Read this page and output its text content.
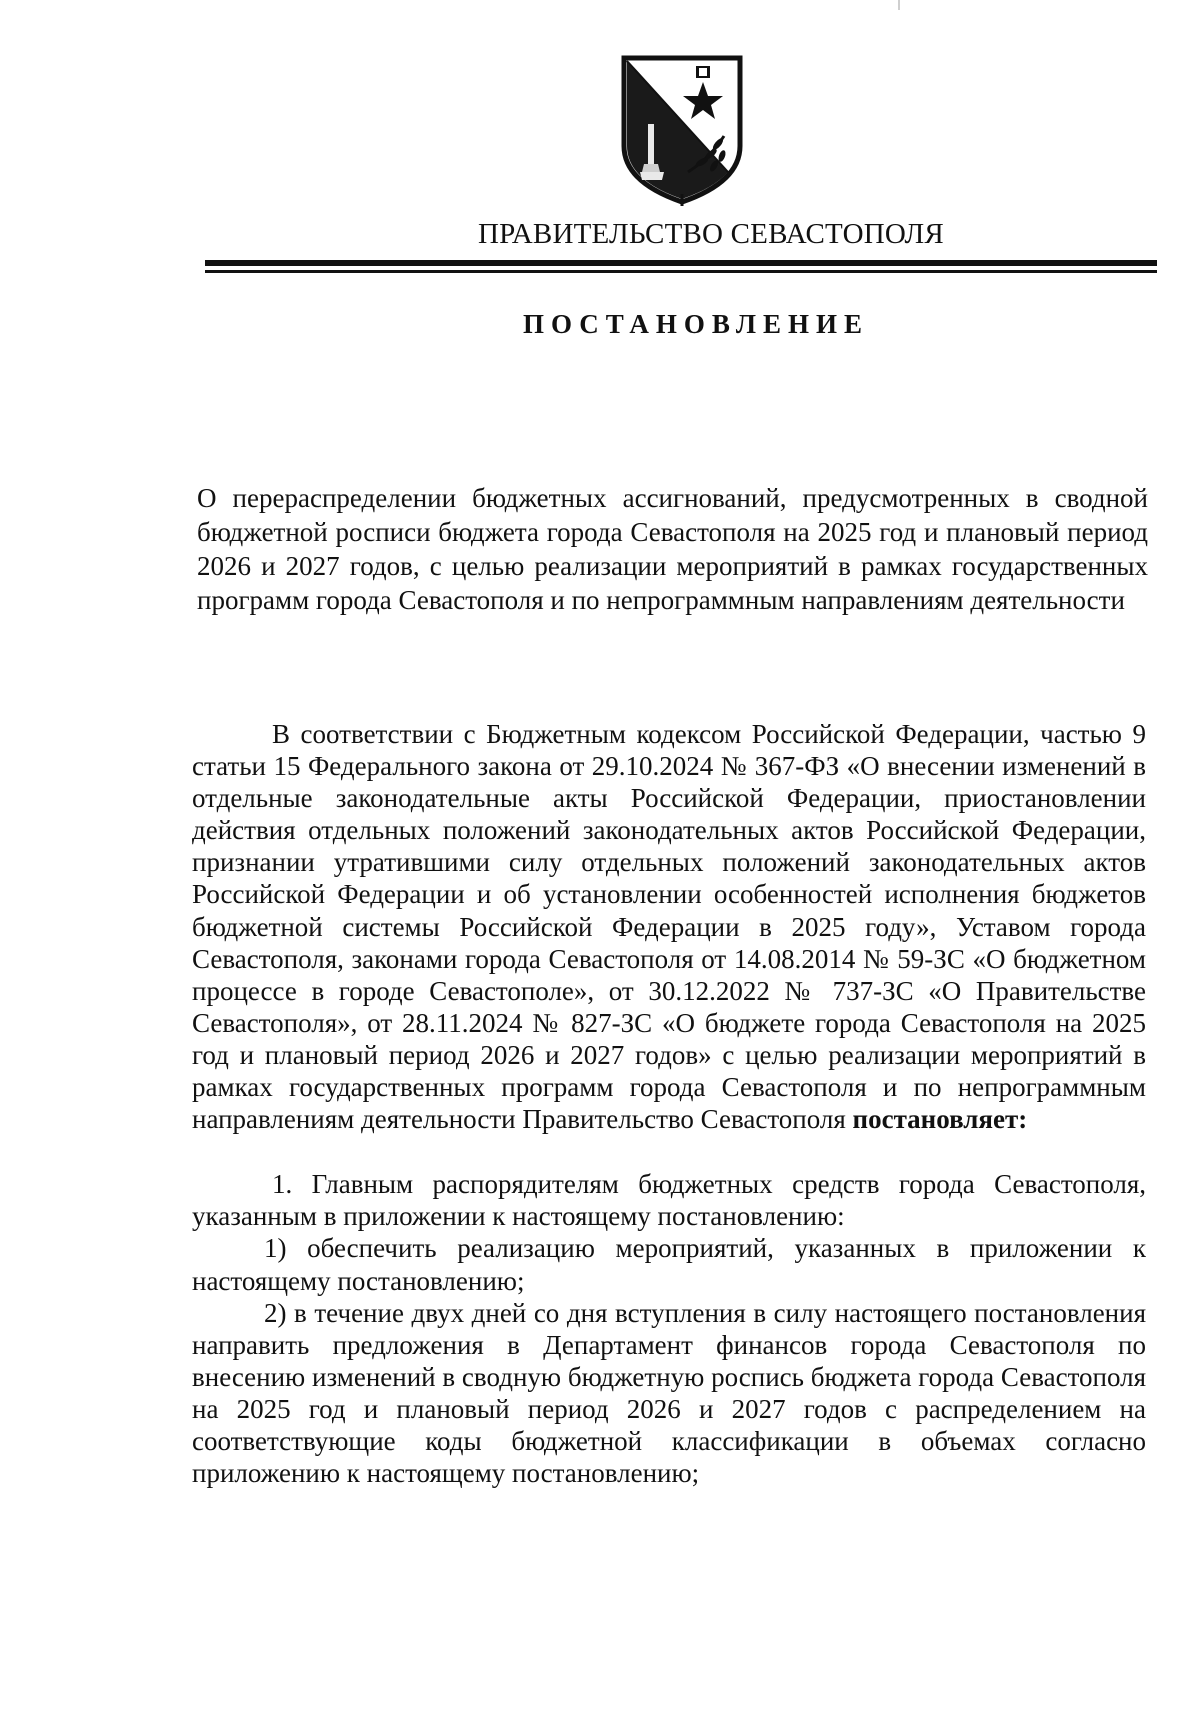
ПРАВИТЕЛЬСТВО СЕВАСТОПОЛЯ
ПОСТАНОВЛЕНИЕ
О перераспределении бюджетных ассигнований, предусмотренных в сводной бюджетной росписи бюджета города Севастополя на 2025 год и плановый период 2026 и 2027 годов, с целью реализации мероприятий в рамках государственных программ города Севастополя и по непрограммным направлениям деятельности

В соответствии с Бюджетным кодексом Российской Федерации, частью 9 статьи 15 Федерального закона от 29.10.2024 № 367-ФЗ «О внесении изменений в отдельные законодательные акты Российской Федерации, приостановлении действия отдельных положений законодательных актов Российской Федерации, признании утратившими силу отдельных положений законодательных актов Российской Федерации и об установлении особенностей исполнения бюджетов бюджетной системы Российской Федерации в 2025 году», Уставом города Севастополя, законами города Севастополя от 14.08.2014 № 59-ЗС «О бюджетном процессе в городе Севастополе», от 30.12.2022 № 737-ЗС «О Правительстве Севастополя», от 28.11.2024 № 827-ЗС «О бюджете города Севастополя на 2025 год и плановый период 2026 и 2027 годов» с целью реализации мероприятий в рамках государственных программ города Севастополя и по непрограммным направлениям деятельности Правительство Севастополя постановляет:

1. Главным распорядителям бюджетных средств города Севастополя, указанным в приложении к настоящему постановлению:

1) обеспечить реализацию мероприятий, указанных в приложении к настоящему постановлению;

2) в течение двух дней со дня вступления в силу настоящего постановления направить предложения в Департамент финансов города Севастополя по внесению изменений в сводную бюджетную роспись бюджета города Севастополя на 2025 год и плановый период 2026 и 2027 годов с распределением на соответствующие коды бюджетной классификации в объемах согласно приложению к настоящему постановлению;
